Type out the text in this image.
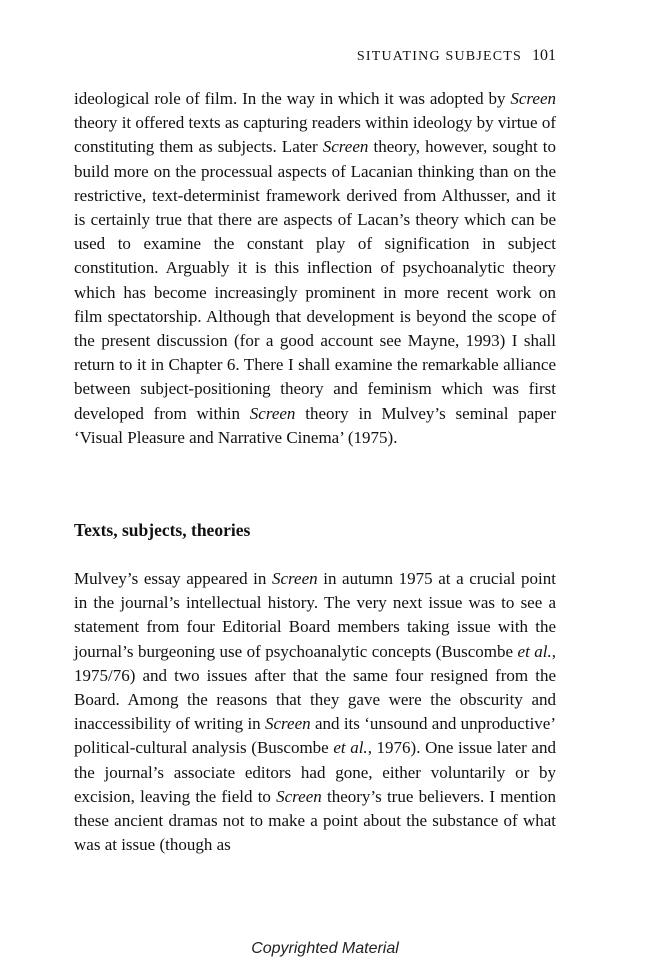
SITUATING SUBJECTS 101

ideological role of film. In the way in which it was adopted by Screen theory it offered texts as capturing readers within ideology by virtue of constituting them as subjects. Later Screen theory, however, sought to build more on the processual aspects of Lacanian thinking than on the restrictive, text-determinist framework derived from Althusser, and it is certainly true that there are aspects of Lacan’s theory which can be used to examine the constant play of signification in subject constitution. Arguably it is this inflection of psychoanalytic theory which has become increasingly prominent in more recent work on film spectatorship. Although that development is beyond the scope of the present discussion (for a good account see Mayne, 1993) I shall return to it in Chapter 6. There I shall examine the remarkable alliance between subject-positioning theory and feminism which was first developed from within Screen theory in Mulvey’s seminal paper ‘Visual Pleasure and Narrative Cinema’ (1975).

Texts, subjects, theories

Mulvey’s essay appeared in Screen in autumn 1975 at a crucial point in the journal’s intellectual history. The very next issue was to see a statement from four Editorial Board members taking issue with the journal’s burgeoning use of psychoanalytic concepts (Buscombe et al., 1975/76) and two issues after that the same four resigned from the Board. Among the reasons that they gave were the obscurity and inaccessibility of writing in Screen and its ‘unsound and unproductive’ political-cultural analysis (Buscombe et al., 1976). One issue later and the journal’s associate editors had gone, either voluntarily or by excision, leaving the field to Screen theory’s true believers. I mention these ancient dramas not to make a point about the substance of what was at issue (though as

Copyrighted Material
